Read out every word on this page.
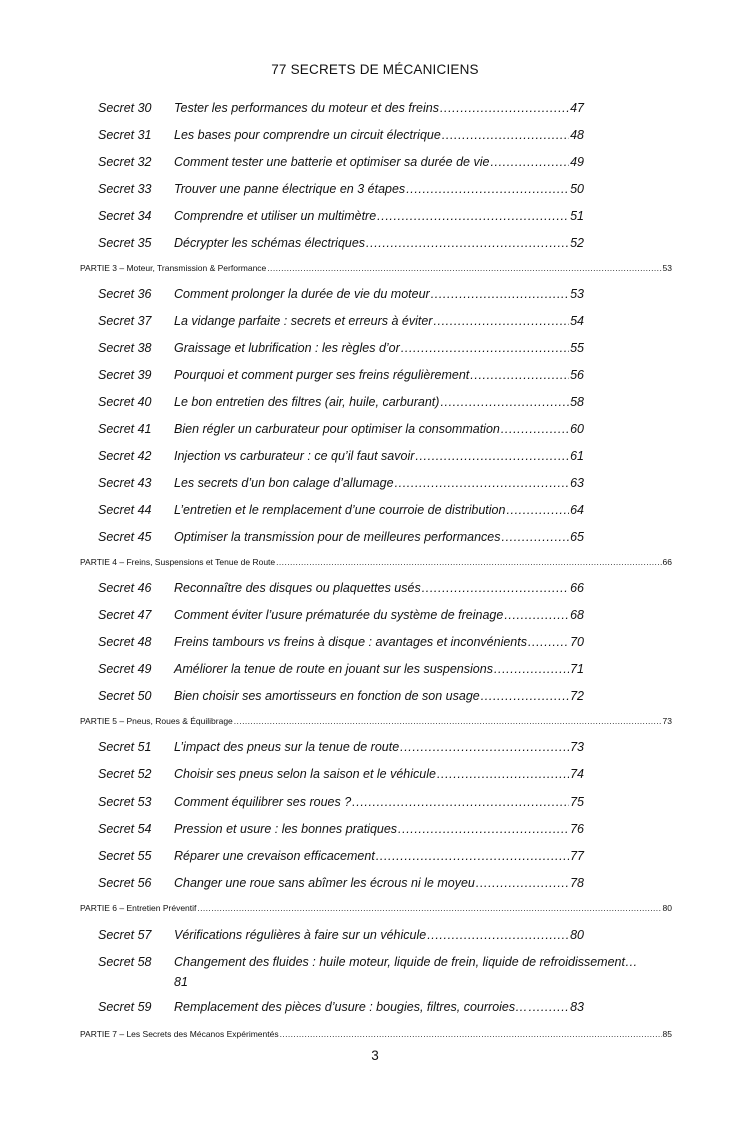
77 SECRETS DE MÉCANICIENS
Secret 30 Tester les performances du moteur et des freins .....	47
Secret 31 Les bases pour comprendre un circuit électrique .....	48
Secret 32 Comment tester une batterie et optimiser sa durée de vie .....	49
Secret 33 Trouver une panne électrique en 3 étapes .....	50
Secret 34 Comprendre et utiliser un multimètre .....	51
Secret 35 Décrypter les schémas électriques .....	52
PARTIE 3 – Moteur, Transmission & Performance .....	53
Secret 36 Comment prolonger la durée de vie du moteur .....	53
Secret 37 La vidange parfaite : secrets et erreurs à éviter .....	54
Secret 38 Graissage et lubrification : les règles d’or .....	55
Secret 39 Pourquoi et comment purger ses freins régulièrement .....	56
Secret 40 Le bon entretien des filtres (air, huile, carburant) .....	58
Secret 41 Bien régler un carburateur pour optimiser la consommation .....	60
Secret 42 Injection vs carburateur : ce qu’il faut savoir .....	61
Secret 43 Les secrets d’un bon calage d’allumage .....	63
Secret 44 L’entretien et le remplacement d’une courroie de distribution .....	64
Secret 45 Optimiser la transmission pour de meilleures performances .....	65
PARTIE 4 – Freins, Suspensions et Tenue de Route .....	66
Secret 46 Reconnaître des disques ou plaquettes usés .....	66
Secret 47 Comment éviter l’usure prématurée du système de freinage .....	68
Secret 48 Freins tambours vs freins à disque : avantages et inconvénients .....	70
Secret 49 Améliorer la tenue de route en jouant sur les suspensions .....	71
Secret 50 Bien choisir ses amortisseurs en fonction de son usage .....	72
PARTIE 5 – Pneus, Roues & Équilibrage .....	73
Secret 51 L’impact des pneus sur la tenue de route .....	73
Secret 52 Choisir ses pneus selon la saison et le véhicule .....	74
Secret 53 Comment équilibrer ses roues ? .....	75
Secret 54 Pression et usure : les bonnes pratiques .....	76
Secret 55 Réparer une crevaison efficacement .....	77
Secret 56 Changer une roue sans abîmer les écrous ni le moyeu .....	78
PARTIE 6 – Entretien Préventif .....	80
Secret 57 Vérifications régulières à faire sur un véhicule .....	80
Secret 58 Changement des fluides : huile moteur, liquide de frein, liquide de refroidissement…
81
Secret 59 Remplacement des pièces d’usure : bougies, filtres, courroies… .....	83
PARTIE 7 – Les Secrets des Mécanos Expérimentés .....	85
3
